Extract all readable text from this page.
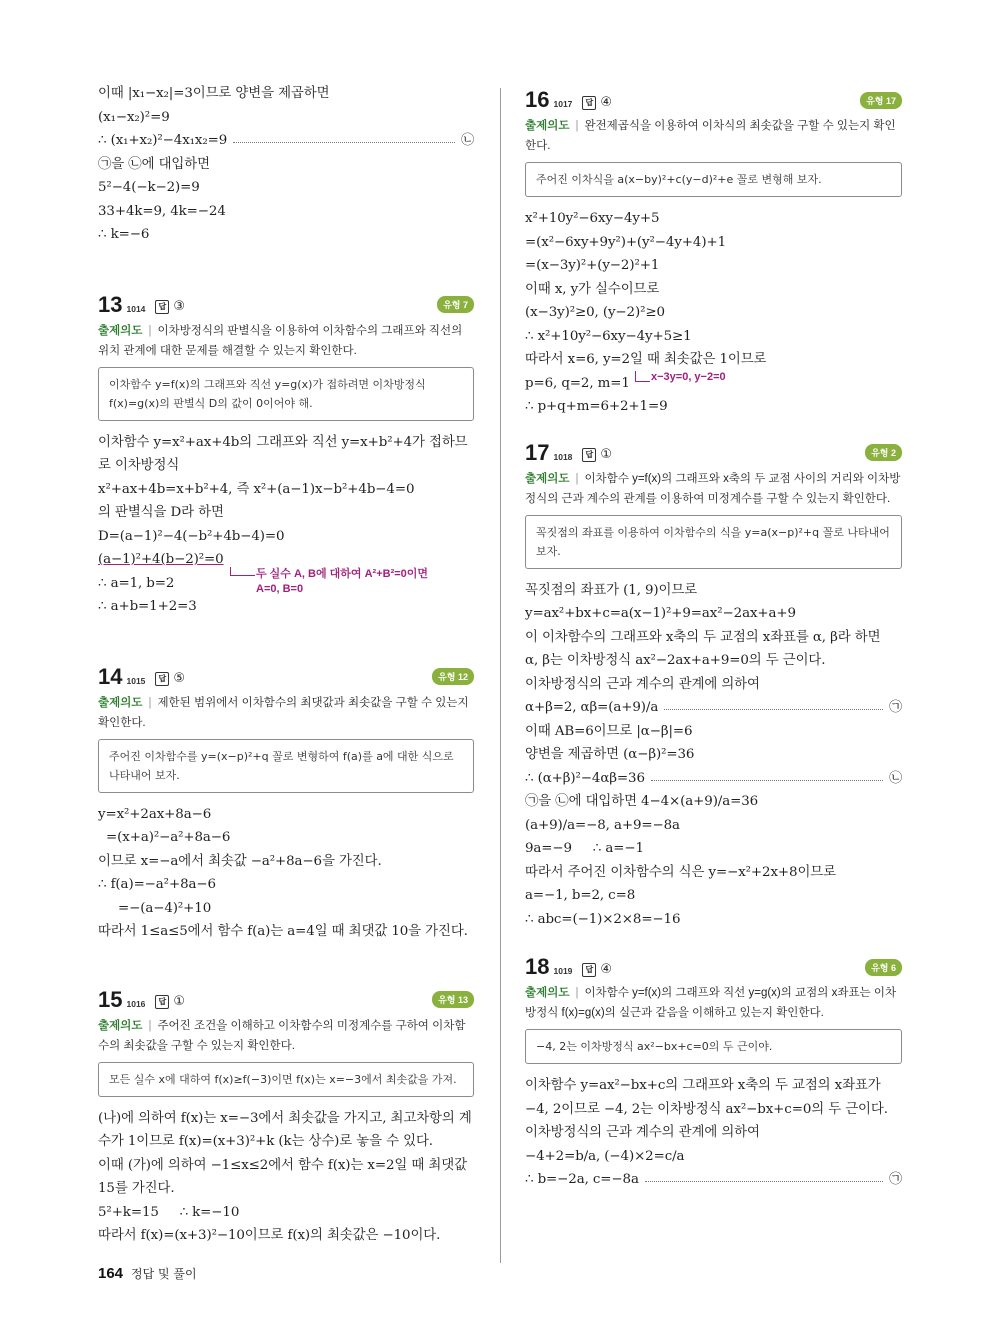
이때 |x₁−x₂|=3이므로 양변을 제곱하면
(x₁−x₂)²=9
∴ (x₁+x₂)²−4x₁x₂=9	㉡
㉠을 ㉡에 대입하면
5²−4(−k−2)=9
33+4k=9, 4k=−24
∴ k=−6
13 1014	답 ③	유형 7
출제의도 | 이차방정식의 판별식을 이용하여 이차함수의 그래프와 직선의 위치 관계에 대한 문제를 해결할 수 있는지 확인한다.
이차함수 y=f(x)의 그래프와 직선 y=g(x)가 접하려면 이차방정식 f(x)=g(x)의 판별식 D의 값이 0이어야 해.
이차함수 y=x²+ax+4b의 그래프와 직선 y=x+b²+4가 접하므로 이차방정식
x²+ax+4b=x+b²+4, 즉 x²+(a−1)x−b²+4b−4=0
의 판별식을 D라 하면
D=(a−1)²−4(−b²+4b−4)=0
(a−1)²+4(b−2)²=0
∴ a=1, b=2
∴ a+b=1+2=3
두 실수 A, B에 대하여 A²+B²=0이면
A=0, B=0
14 1015	답 ⑤	유형 12
출제의도 | 제한된 범위에서 이차함수의 최댓값과 최솟값을 구할 수 있는지 확인한다.
주어진 이차함수를 y=(x−p)²+q 꼴로 변형하여 f(a)를 a에 대한 식으로 나타내어 보자.
y=x²+2ax+8a−6
=(x+a)²−a²+8a−6
이므로 x=−a에서 최솟값 −a²+8a−6을 가진다.
∴ f(a)=−a²+8a−6
=−(a−4)²+10
따라서 1≤a≤5에서 함수 f(a)는 a=4일 때 최댓값 10을 가진다.
15 1016	답 ①	유형 13
출제의도 | 주어진 조건을 이해하고 이차함수의 미정계수를 구하여 이차함수의 최솟값을 구할 수 있는지 확인한다.
모든 실수 x에 대하여 f(x)≥f(−3)이면 f(x)는 x=−3에서 최솟값을 가져.
(나)에 의하여 f(x)는 x=−3에서 최솟값을 가지고, 최고차항의 계수가 1이므로 f(x)=(x+3)²+k (k는 상수)로 놓을 수 있다.
이때 (가)에 의하여 −1≤x≤2에서 함수 f(x)는 x=2일 때 최댓값 15를 가진다.
5²+k=15     ∴ k=−10
따라서 f(x)=(x+3)²−10이므로 f(x)의 최솟값은 −10이다.
16 1017	답 ④	유형 17
출제의도 | 완전제곱식을 이용하여 이차식의 최솟값을 구할 수 있는지 확인한다.
주어진 이차식을 a(x−by)²+c(y−d)²+e 꼴로 변형해 보자.
x²+10y²−6xy−4y+5
=(x²−6xy+9y²)+(y²−4y+4)+1
=(x−3y)²+(y−2)²+1
이때 x, y가 실수이므로
(x−3y)²≥0, (y−2)²≥0
∴ x²+10y²−6xy−4y+5≥1
따라서 x=6, y=2일 때 최솟값은 1이므로
p=6, q=2, m=1
∴ p+q+m=6+2+1=9
x−3y=0, y−2=0
17 1018	답 ①	유형 2
출제의도 | 이차함수 y=f(x)의 그래프와 x축의 두 교점 사이의 거리와 이차방정식의 근과 계수의 관계를 이용하여 미정계수를 구할 수 있는지 확인한다.
꼭짓점의 좌표를 이용하여 이차함수의 식을 y=a(x−p)²+q 꼴로 나타내어 보자.
꼭짓점의 좌표가 (1, 9)이므로
y=ax²+bx+c=a(x−1)²+9=ax²−2ax+a+9
이 이차함수의 그래프와 x축의 두 교점의 x좌표를 α, β라 하면
α, β는 이차방정식 ax²−2ax+a+9=0의 두 근이다.
이차방정식의 근과 계수의 관계에 의하여
α+β=2, αβ=(a+9)/a	㉠
이때 AB=6이므로 |α−β|=6
양변을 제곱하면 (α−β)²=36
∴ (α+β)²−4αβ=36	㉡
㉠을 ㉡에 대입하면 4−4×(a+9)/a=36
(a+9)/a=−8, a+9=−8a
9a=−9     ∴ a=−1
따라서 주어진 이차함수의 식은 y=−x²+2x+8이므로
a=−1, b=2, c=8
∴ abc=(−1)×2×8=−16
18 1019	답 ④	유형 6
출제의도 | 이차함수 y=f(x)의 그래프와 직선 y=g(x)의 교점의 x좌표는 이차방정식 f(x)=g(x)의 실근과 같음을 이해하고 있는지 확인한다.
−4, 2는 이차방정식 ax²−bx+c=0의 두 근이야.
이차함수 y=ax²−bx+c의 그래프와 x축의 두 교점의 x좌표가 −4, 2이므로 −4, 2는 이차방정식 ax²−bx+c=0의 두 근이다.
이차방정식의 근과 계수의 관계에 의하여
−4+2=b/a, (−4)×2=c/a
∴ b=−2a, c=−8a	㉠
164 정답 및 풀이
